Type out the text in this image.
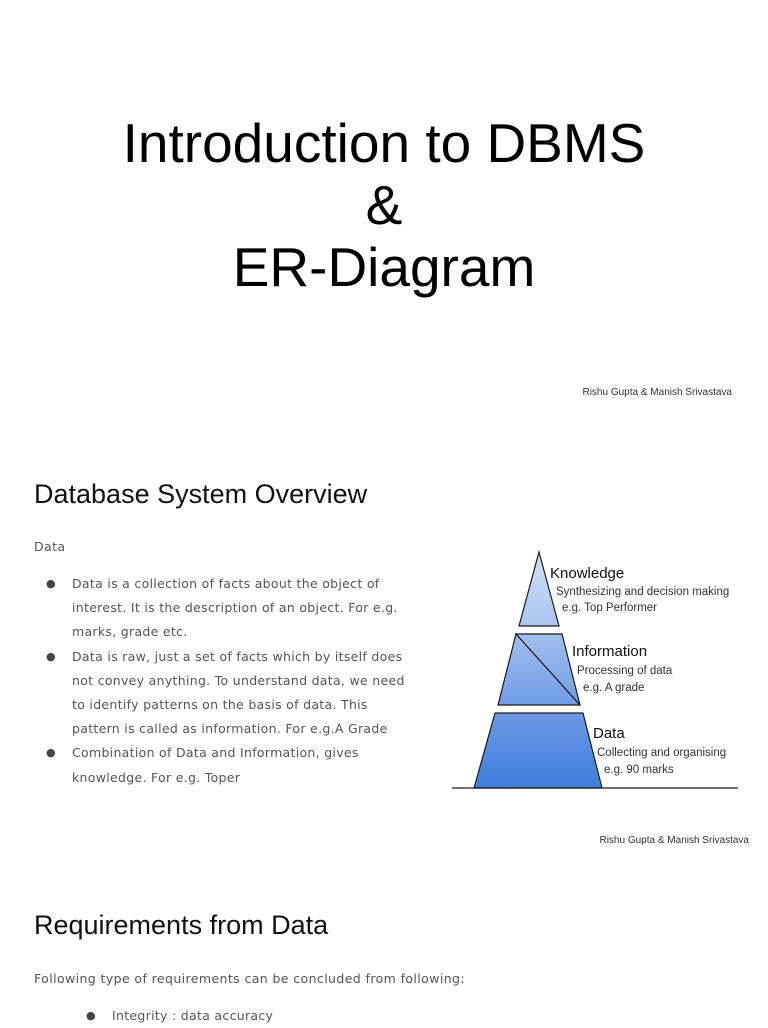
Introduction to DBMS
&
ER-Diagram
Rishu Gupta & Manish Srivastava
Database System Overview
Data
● Data is a collection of facts about the object of interest. It is the description of an object. For e.g. marks, grade etc.
● Data is raw, just a set of facts which by itself does not convey anything. To understand data, we need to identify patterns on the basis of data. This pattern is called as information. For e.g.A Grade
● Combination of Data and Information, gives knowledge. For e.g. Toper
Knowledge
Synthesizing and decision making
e.g. Top Performer
Information
Processing of data
e.g. A grade
Data
Collecting and organising
e.g. 90 marks
Rishu Gupta & Manish Srivastava
Requirements from Data
Following type of requirements can be concluded from following:
● Integrity : data accuracy
